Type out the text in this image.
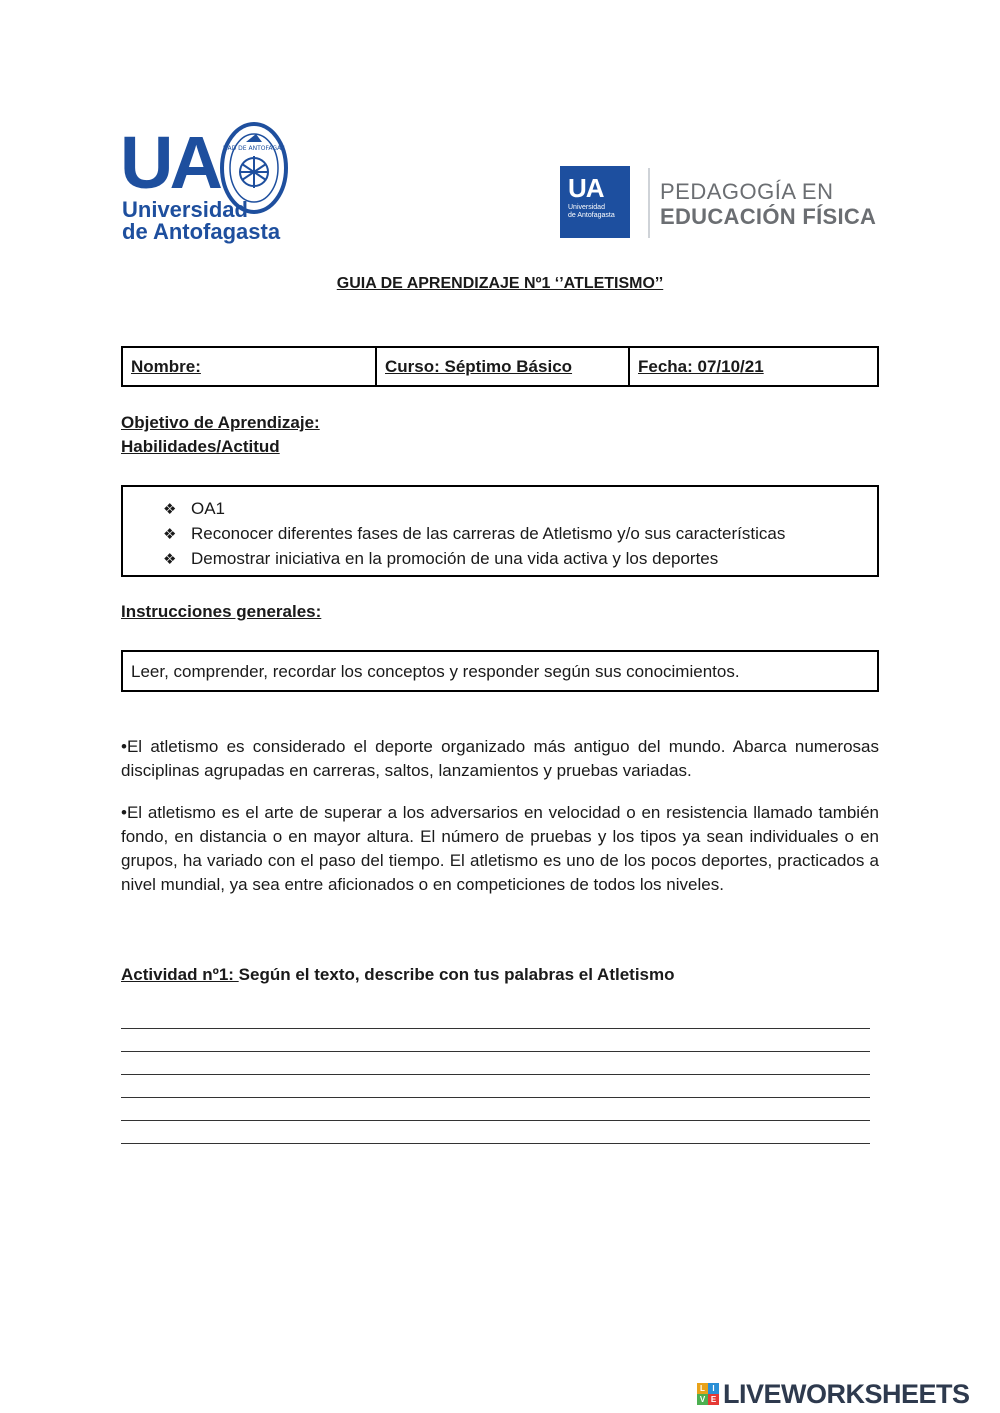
UA DAD DE ANTOFAGAS
Universidad
de Antofagasta
UA
Universidad
de Antofagasta
PEDAGOGÍA EN
EDUCACIÓN FÍSICA
GUIA DE APRENDIZAJE Nº1 ‘’ATLETISMO’’
Nombre:	Curso: Séptimo Básico	Fecha: 07/10/21
Objetivo de Aprendizaje:
Habilidades/Actitud
❖ OA1
❖ Reconocer diferentes fases de las carreras de Atletismo y/o sus características
❖ Demostrar iniciativa en la promoción de una vida activa y los deportes
Instrucciones generales:
Leer, comprender, recordar los conceptos y responder según sus conocimientos.
•El atletismo es considerado el deporte organizado más antiguo del mundo. Abarca numerosas disciplinas agrupadas en carreras, saltos, lanzamientos y pruebas variadas.
•El atletismo es el arte de superar a los adversarios en velocidad o en resistencia llamado también fondo, en distancia o en mayor altura. El número de pruebas y los tipos ya sean individuales o en grupos, ha variado con el paso del tiempo. El atletismo es uno de los pocos deportes, practicados a nivel mundial, ya sea entre aficionados o en competiciones de todos los niveles.
Actividad nº1: Según el texto, describe con tus palabras el Atletismo
L I
V E LIVEWORKSHEETS
